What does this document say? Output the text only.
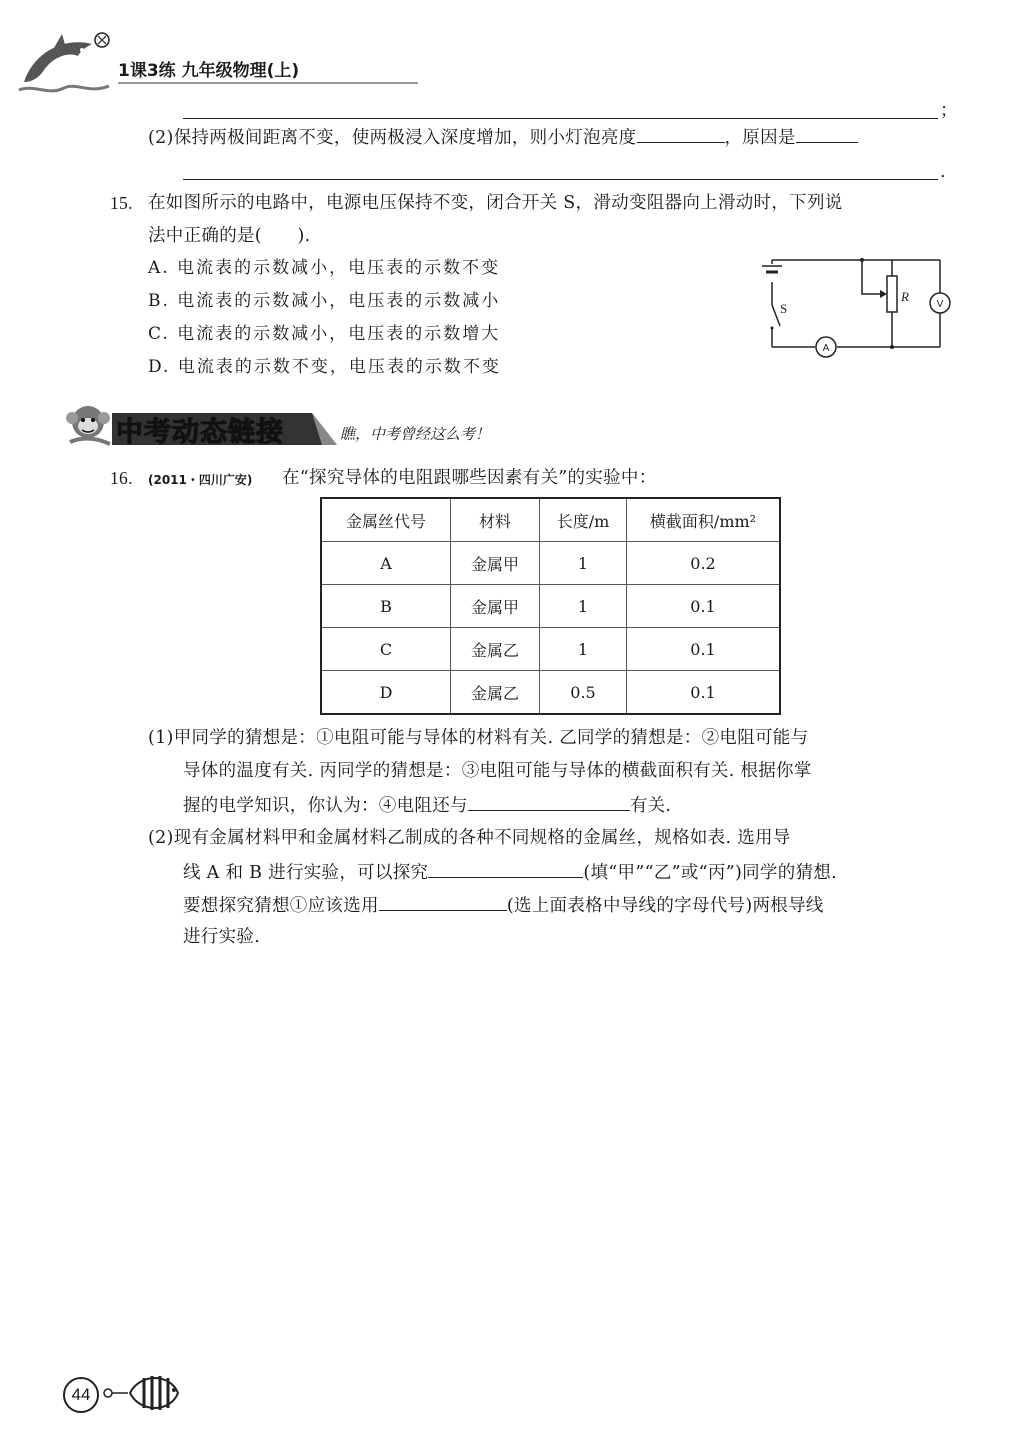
1课3练 九年级物理(上)
；
(2)保持两极间距离不变，使两极浸入深度增加，则小灯泡亮度	，原因是
.
15. 在如图所示的电路中，电源电压保持不变，闭合开关 S，滑动变阻器向上滑动时，下列说
法中正确的是(　　).
A. 电流表的示数减小，电压表的示数不变
B. 电流表的示数减小，电压表的示数减小
C. 电流表的示数减小，电压表的示数增大
D. 电流表的示数不变，电压表的示数不变
S
R
A
V
中考动态链接	瞧，中考曾经这么考！
16. (2011・四川广安) 在“探究导体的电阻跟哪些因素有关”的实验中：
金属丝代号	材料	长度/m	横截面积/mm²
A	金属甲	1	0.2
B	金属甲	1	0.1
C	金属乙	1	0.1
D	金属乙	0.5	0.1
(1)甲同学的猜想是：①电阻可能与导体的材料有关. 乙同学的猜想是：②电阻可能与
导体的温度有关. 丙同学的猜想是：③电阻可能与导体的横截面积有关. 根据你掌
握的电学知识，你认为：④电阻还与	有关.
(2)现有金属材料甲和金属材料乙制成的各种不同规格的金属丝，规格如表. 选用导
线 A 和 B 进行实验，可以探究	(填“甲”“乙”或“丙”)同学的猜想.
要想探究猜想①应该选用	(选上面表格中导线的字母代号)两根导线
进行实验.
44
